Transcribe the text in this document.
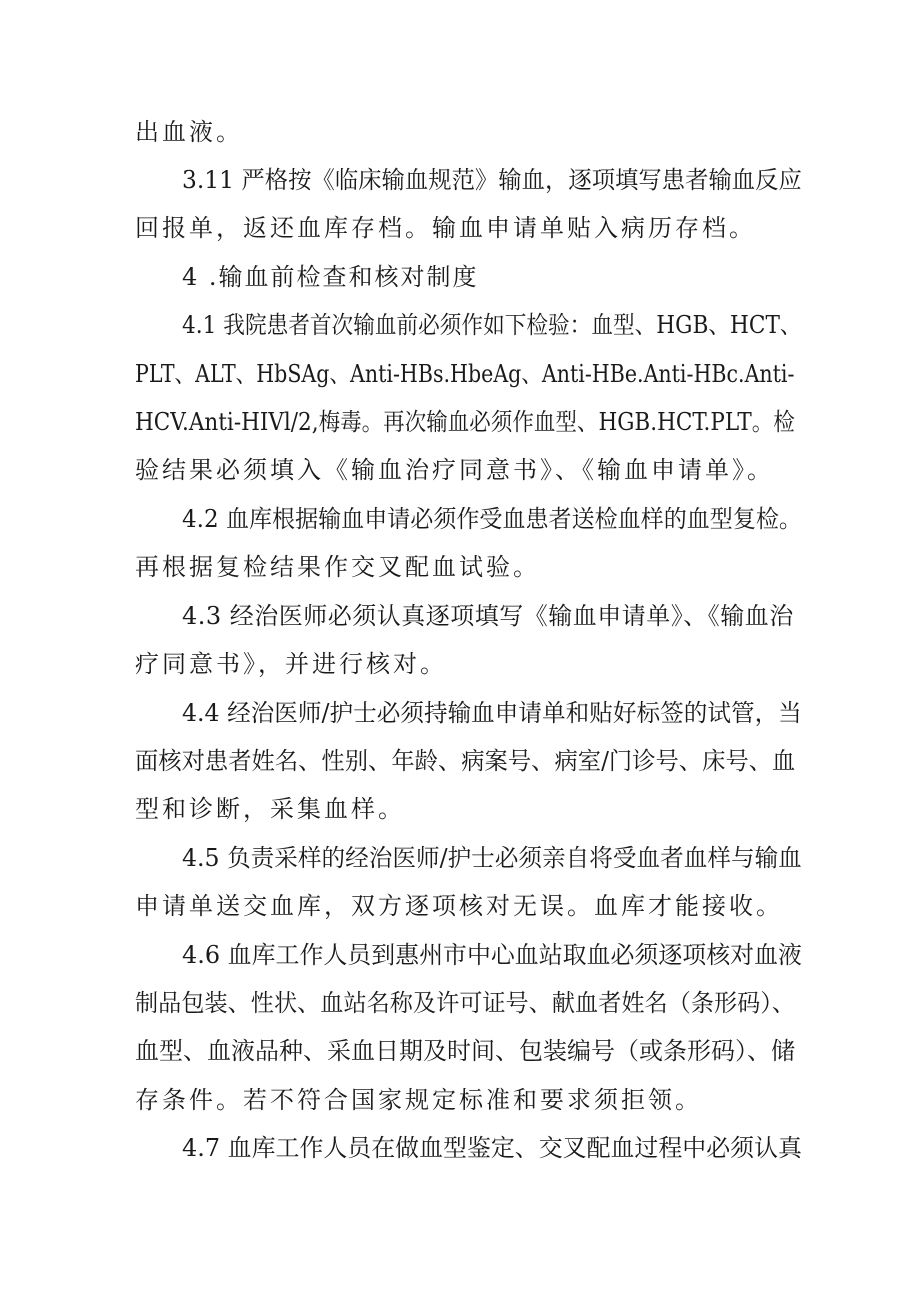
出血液。
3.11 严格按《临床输血规范》输血，逐项填写患者输血反应
回报单，返还血库存档。输血申请单贴入病历存档。
4 .输血前检查和核对制度
4.1 我院患者首次输血前必须作如下检验：血型、HGB、HCT、
PLT、ALT、HbSAg、Anti-HBs.HbeAg、Anti-HBe.Anti-HBc.Anti-
HCV.Anti-HIVl/2,梅毒。再次输血必须作血型、HGB.HCT.PLT。检
验结果必须填入《输血治疗同意书》、《输血申请单》。
4.2 血库根据输血申请必须作受血患者送检血样的血型复检。
再根据复检结果作交叉配血试验。
4.3 经治医师必须认真逐项填写《输血申请单》、《输血治
疗同意书》，并进行核对。
4.4 经治医师/护士必须持输血申请单和贴好标签的试管，当
面核对患者姓名、性别、年龄、病案号、病室/门诊号、床号、血
型和诊断，采集血样。
4.5 负责采样的经治医师/护士必须亲自将受血者血样与输血
申请单送交血库，双方逐项核对无误。血库才能接收。
4.6 血库工作人员到惠州市中心血站取血必须逐项核对血液
制品包装、性状、血站名称及许可证号、献血者姓名（条形码）、
血型、血液品种、采血日期及时间、包装编号（或条形码）、储
存条件。若不符合国家规定标准和要求须拒领。
4.7 血库工作人员在做血型鉴定、交叉配血过程中必须认真
